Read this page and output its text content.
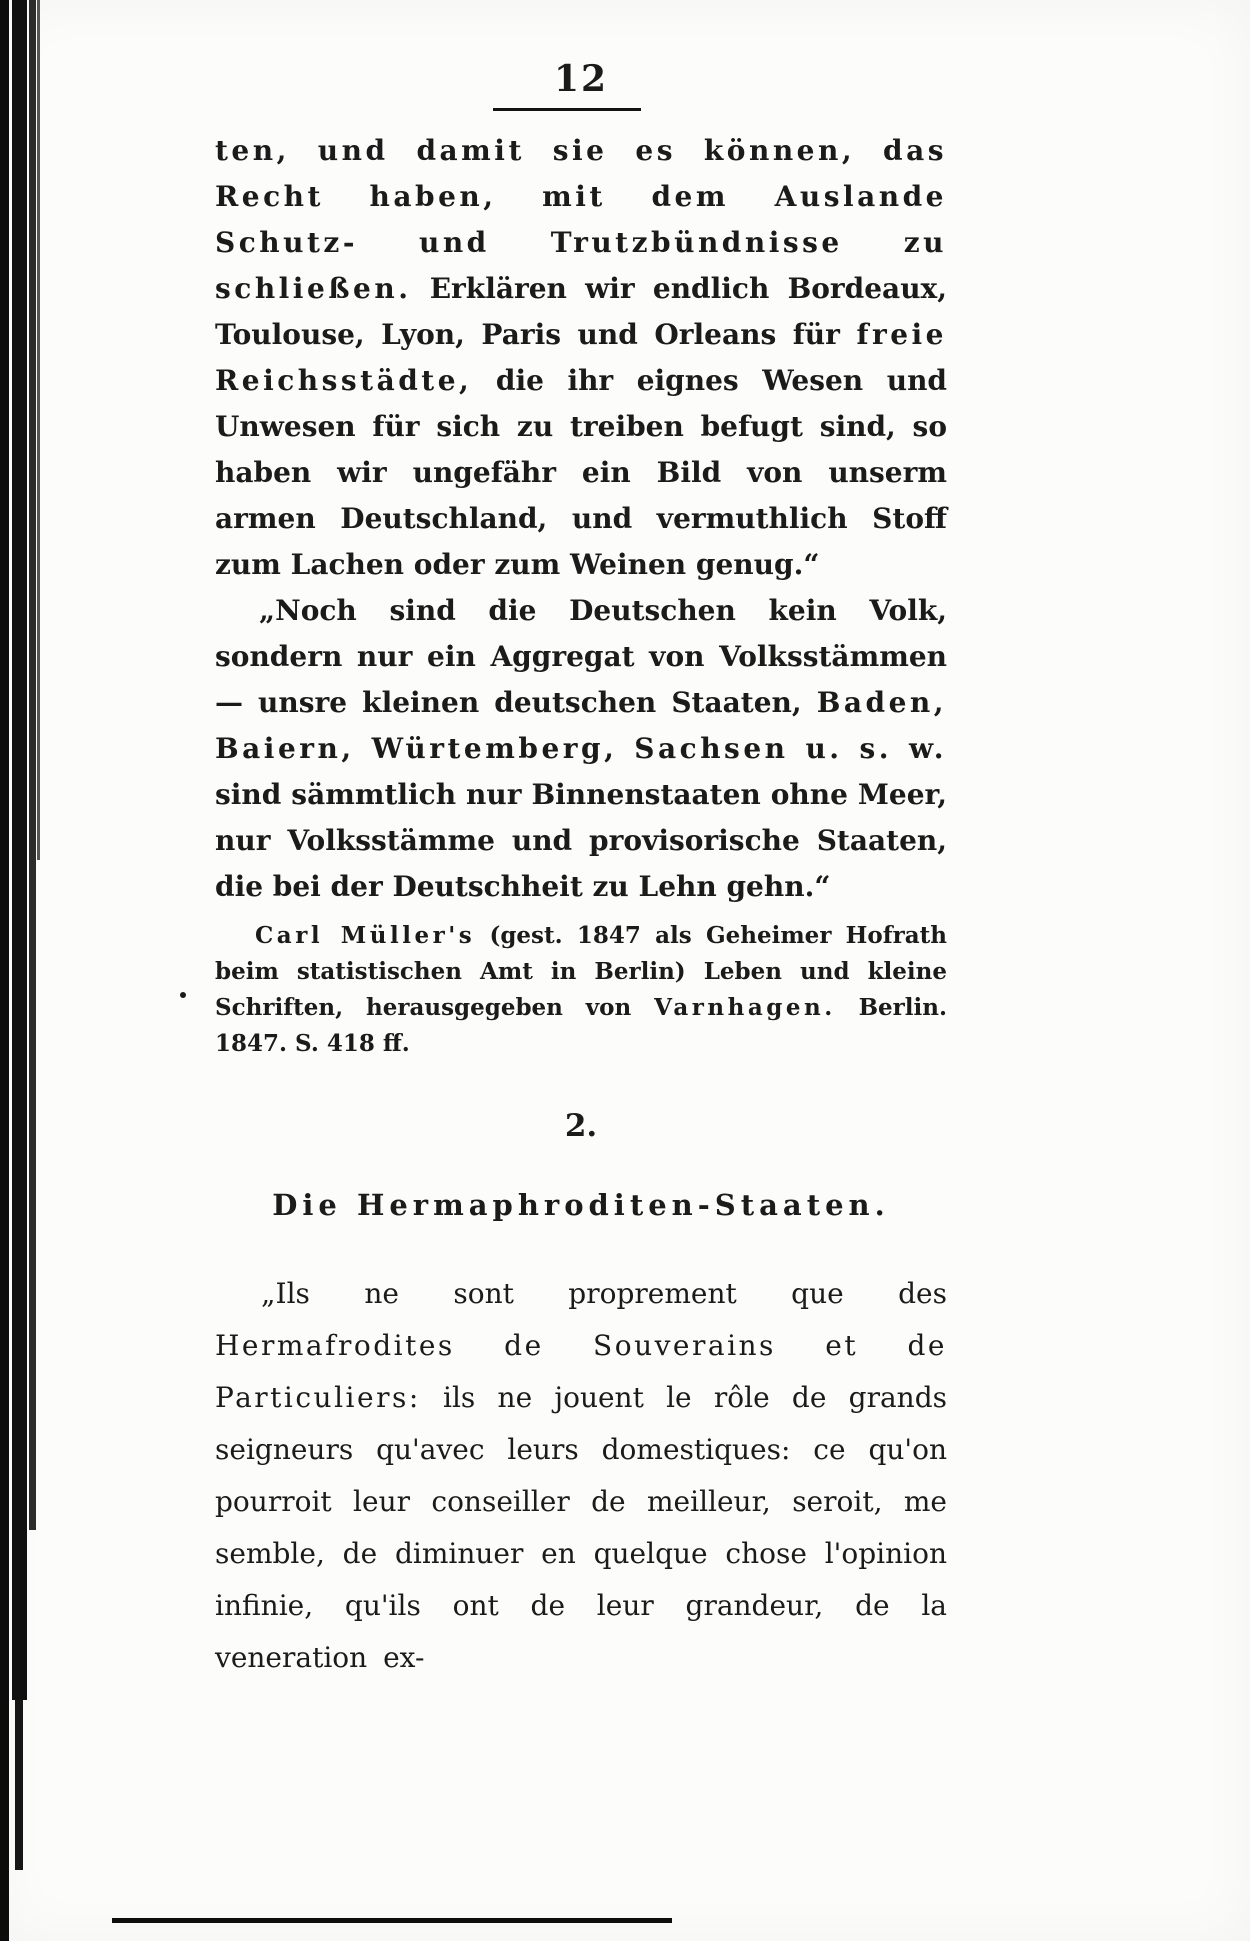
12

ten, und damit sie es können, das Recht haben, mit dem Auslande Schutz- und Trutzbündnisse zu schließen. Erklären wir endlich Bordeaux, Toulouse, Lyon, Paris und Orleans für freie Reichsstädte, die ihr eignes Wesen und Unwesen für sich zu treiben befugt sind, so haben wir ungefähr ein Bild von unserm armen Deutschland, und vermuthlich Stoff zum Lachen oder zum Weinen genug.“

„Noch sind die Deutschen kein Volk, sondern nur ein Aggregat von Volksstämmen — unsre kleinen deutschen Staaten, Baden, Baiern, Würtemberg, Sachsen u. s. w. sind sämmtlich nur Binnenstaaten ohne Meer, nur Volksstämme und provisorische Staaten, die bei der Deutschheit zu Lehn gehn.“

Carl Müller's (gest. 1847 als Geheimer Hofrath beim statistischen Amt in Berlin) Leben und kleine Schriften, herausgegeben von Varnhagen. Berlin. 1847. S. 418 ff.

2.
Die Hermaphroditen-Staaten.

„Ils ne sont proprement que des Hermafrodites de Souverains et de Particuliers: ils ne jouent le rôle de grands seigneurs qu'avec leurs domestiques: ce qu'on pourroit leur conseiller de meilleur, seroit, me semble, de diminuer en quelque chose l'opinion infinie, qu'ils ont de leur grandeur, de la veneration ex-
